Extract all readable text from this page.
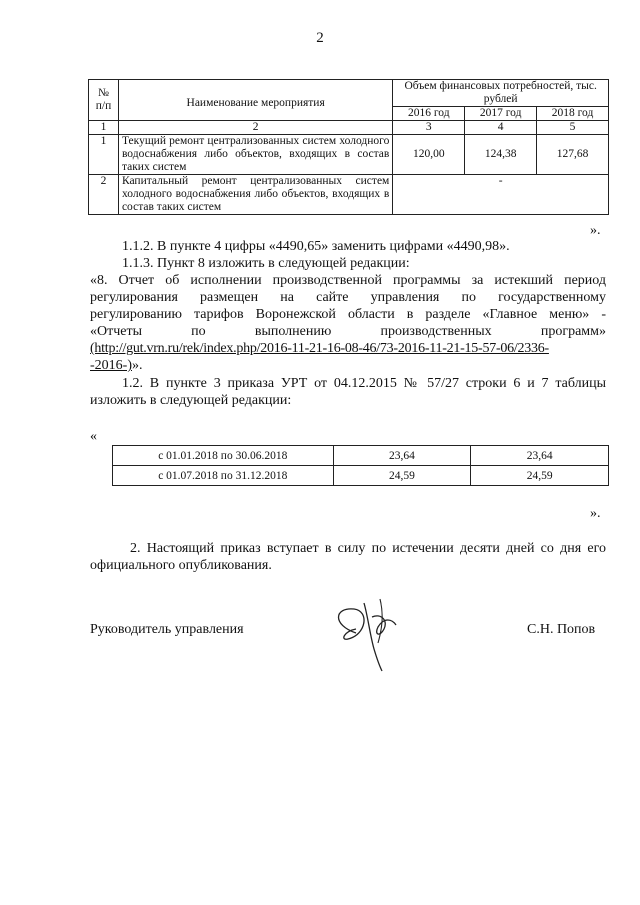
2
№ п/п	Наименование мероприятия	Объем финансовых потребностей, тыс. рублей		
		2016 год	2017 год	2018 год
1	2	3	4	5
1	Текущий ремонт централизованных систем холодного водоснабжения либо объектов, входящих в состав таких систем	120,00	124,38	127,68
2	Капитальный ремонт централизованных систем холодного водоснабжения либо объектов, входящих в состав таких систем	-		
».
1.1.2. В пункте 4 цифры «4490,65» заменить цифрами «4490,98».
1.1.3. Пункт 8 изложить в следующей редакции:
«8. Отчет об исполнении производственной программы за истекший период
регулирования размещен на сайте управления по государственному
регулированию тарифов Воронежской области в разделе «Главное меню» -
«Отчеты по выполнению производственных программ»
(http://gut.vrn.ru/rek/index.php/2016-11-21-16-08-46/73-2016-11-21-15-57-06/2336-
-2016-)».
1.2. В пункте 3 приказа УРТ от 04.12.2015 № 57/27 строки 6 и 7 таблицы
изложить в следующей редакции:
«
с 01.01.2018 по 30.06.2018	23,64	23,64
с 01.07.2018 по 31.12.2018	24,59	24,59
».
2. Настоящий приказ вступает в силу по истечении десяти дней со дня его
официального опубликования.
Руководитель управления	С.Н. Попов
